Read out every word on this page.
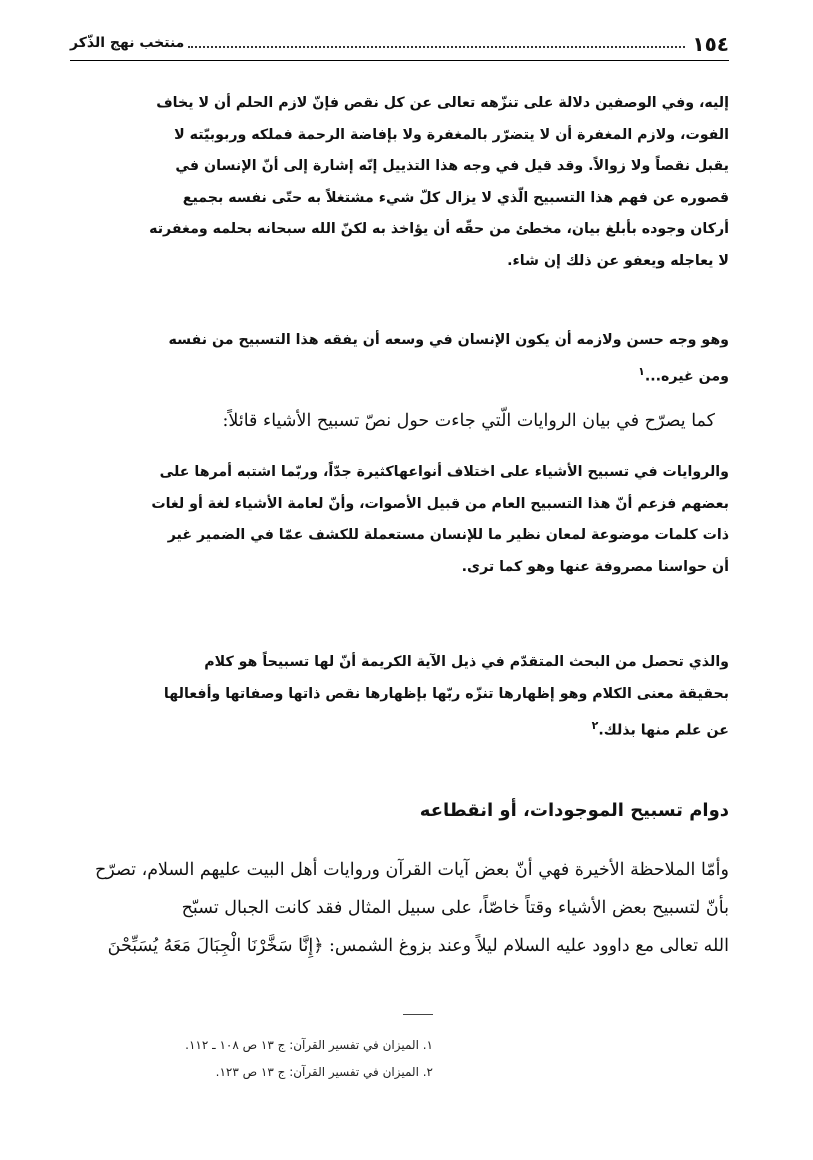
١٥٤
منتخب نهج الذّكر

إليه، وفي الوصفين دلالة على تنزّهه تعالى عن كل نقص فإنّ لازم الحلم أن لا يخاف

الفوت، ولازم المغفرة أن لا يتضرّر بالمغفرة ولا بإفاضة الرحمة فملكه وربوبيّته لا

يقبل نقصاً ولا زوالاً. وقد قيل في وجه هذا التذييل إنّه إشارة إلى أنّ الإنسان في

قصوره عن فهم هذا التسبيح الّذي لا يزال كلّ شيء مشتغلاً به حتّى نفسه بجميع

أركان وجوده بأبلغ بيان، مخطئ من حقّه أن يؤاخذ به لكنّ الله سبحانه بحلمه ومغفرته

لا يعاجله ويعفو عن ذلك إن شاء.

وهو وجه حسن ولازمه أن يكون الإنسان في وسعه أن يفقه هذا التسبيح من نفسه

ومن غيره...$^١$

كما يصرّح في بيان الروايات الّتي جاءت حول نصّ تسبيح الأشياء قائلاً:

والروايات في تسبيح الأشياء على اختلاف أنواعهاكثيرة جدّاً، وربّما اشتبه أمرها على

بعضهم فزعم أنّ هذا التسبيح العام من قبيل الأصوات، وأنّ لعامة الأشياء لغة أو لغات

ذات كلمات موضوعة لمعان نظير ما للإنسان مستعملة للكشف عمّا في الضمير غير

أن حواسنا مصروفة عنها وهو كما ترى.

والذي تحصل من البحث المتقدّم في ذيل الآية الكريمة أنّ لها تسبيحاً هو كلام

بحقيقة معنى الكلام وهو إظهارها تنزّه ربّها بإظهارها نقص ذاتها وصفاتها وأفعالها

عن علم منها بذلك.$^٢$

دوام تسبيح الموجودات، أو انقطاعه

وأمّا الملاحظة الأخيرة فهي أنّ بعض آيات القرآن وروايات أهل البيت عليهم السلام، تصرّح

بأنّ لتسبيح بعض الأشياء وقتاً خاصّاً، على سبيل المثال فقد كانت الجبال تسبّح

الله تعالى مع داوود عليه السلام ليلاً وعند بزوغ الشمس: ﴿إِنَّا سَخَّرْنَا الْجِبَالَ مَعَهُ يُسَبِّحْنَ

١. الميزان في تفسير القرآن: ج ١٣ ص ١٠٨ ـ ١١٢.

٢. الميزان في تفسير القرآن: ج ١٣ ص ١٢٣.
